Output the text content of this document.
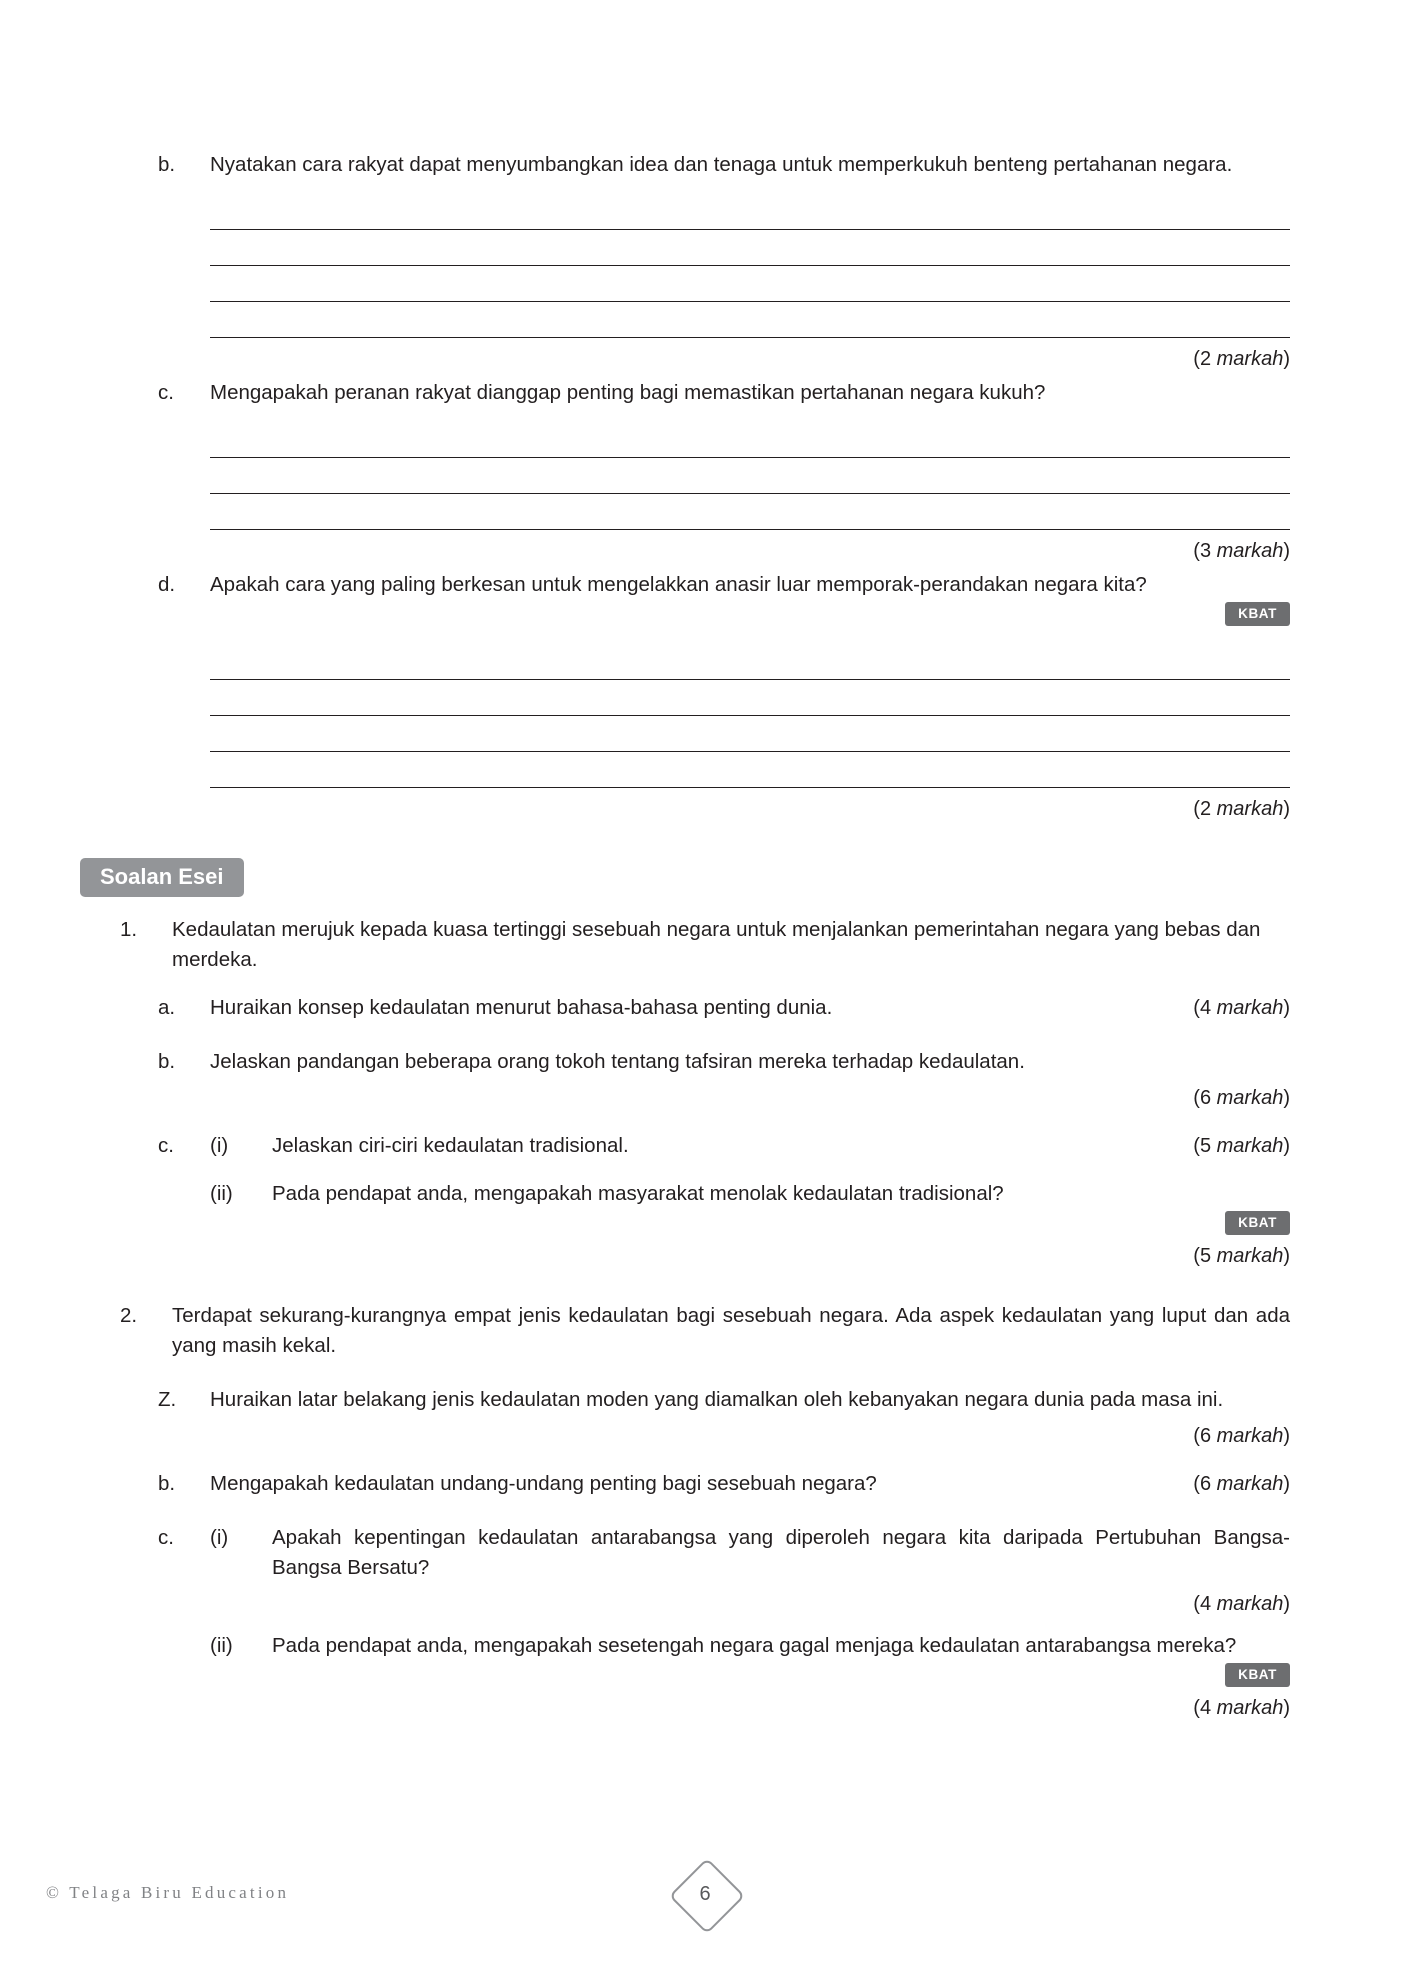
b.	Nyatakan cara rakyat dapat menyumbangkan idea dan tenaga untuk memperkukuh benteng pertahanan negara.
(2 markah)
c.	Mengapakah peranan rakyat dianggap penting bagi memastikan pertahanan negara kukuh?
(3 markah)
d.	Apakah cara yang paling berkesan untuk mengelakkan anasir luar memporak-perandakan negara kita?
KBAT
(2 markah)
Soalan Esei
1.	Kedaulatan merujuk kepada kuasa tertinggi sesebuah negara untuk menjalankan pemerintahan negara yang bebas dan merdeka.
a.	Huraikan konsep kedaulatan menurut bahasa-bahasa penting dunia.	(4 markah)
b.	Jelaskan pandangan beberapa orang tokoh tentang tafsiran mereka terhadap kedaulatan.
(6 markah)
c.	(i)	Jelaskan ciri-ciri kedaulatan tradisional.	(5 markah)
(ii)	Pada pendapat anda, mengapakah masyarakat menolak kedaulatan tradisional?
KBAT
(5 markah)
2.	Terdapat sekurang-kurangnya empat jenis kedaulatan bagi sesebuah negara. Ada aspek kedaulatan yang luput dan ada yang masih kekal.
Z.	Huraikan latar belakang jenis kedaulatan moden yang diamalkan oleh kebanyakan negara dunia pada masa ini.
(6 markah)
b.	Mengapakah kedaulatan undang-undang penting bagi sesebuah negara?	(6 markah)
c.	(i)	Apakah kepentingan kedaulatan antarabangsa yang diperoleh negara kita daripada Pertubuhan Bangsa-Bangsa Bersatu?
(4 markah)
(ii)	Pada pendapat anda, mengapakah sesetengah negara gagal menjaga kedaulatan antarabangsa mereka?
KBAT
(4 markah)
© Telaga Biru Education	6
